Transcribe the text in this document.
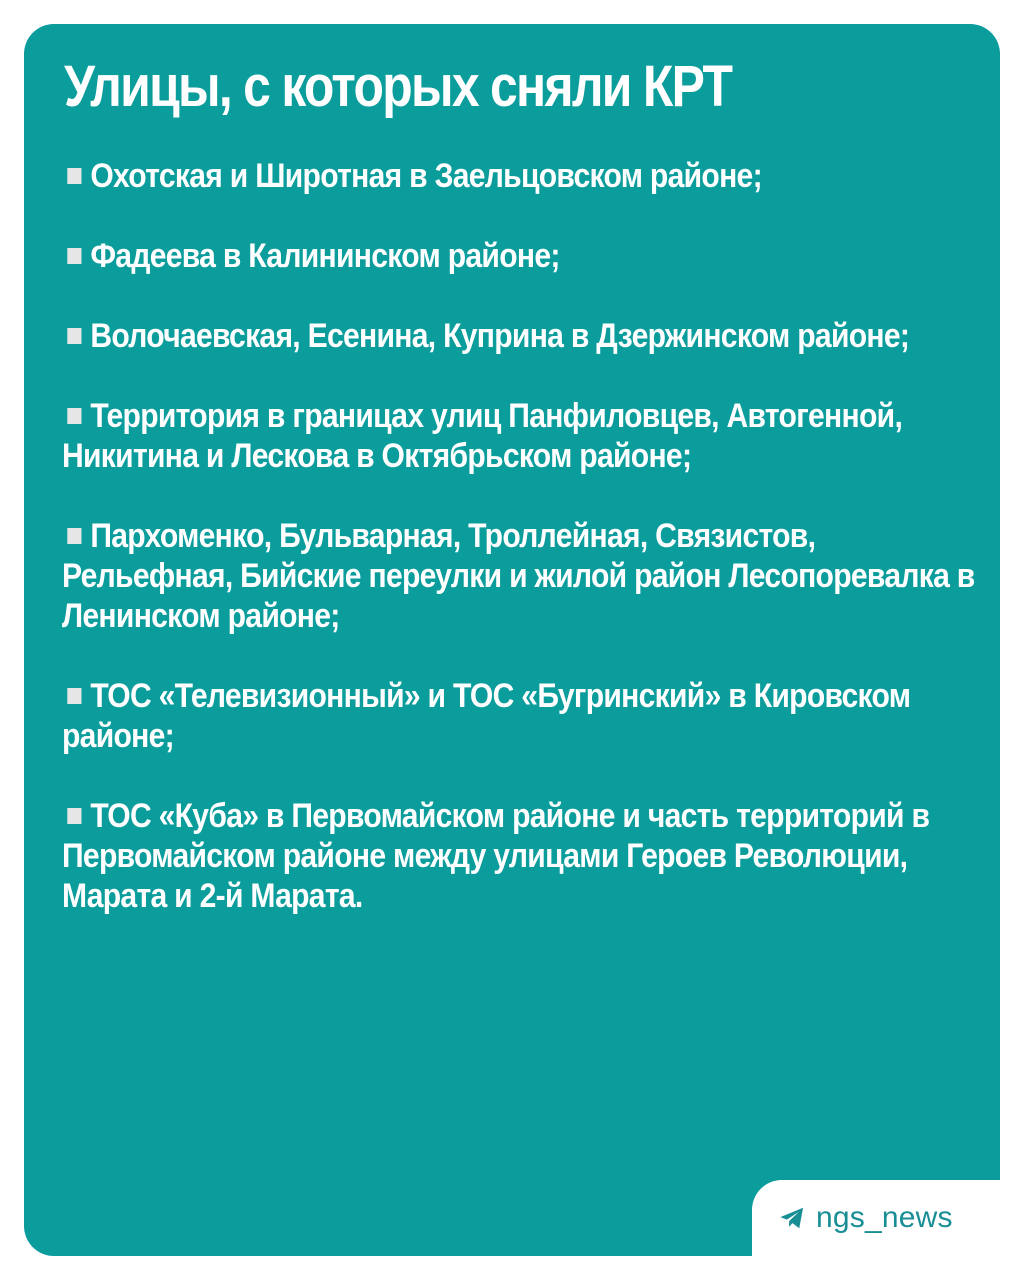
Улицы, с которых сняли КРТ
Охотская и Широтная в Заельцовском районе;
Фадеева в Калининском районе;
Волочаевская, Есенина, Куприна в Дзержинском районе;
Территория в границах улиц Панфиловцев, Автогенной, Никитина и Лескова в Октябрьском районе;
Пархоменко, Бульварная, Троллейная, Связистов, Рельефная, Бийские переулки и жилой район Лесопоревалка в Ленинском районе;
ТОС «Телевизионный» и ТОС «Бугринский» в Кировском районе;
ТОС «Куба» в Первомайском районе и часть территорий в Первомайском районе между улицами Героев Революции, Марата и 2-й Марата.
ngs_news
